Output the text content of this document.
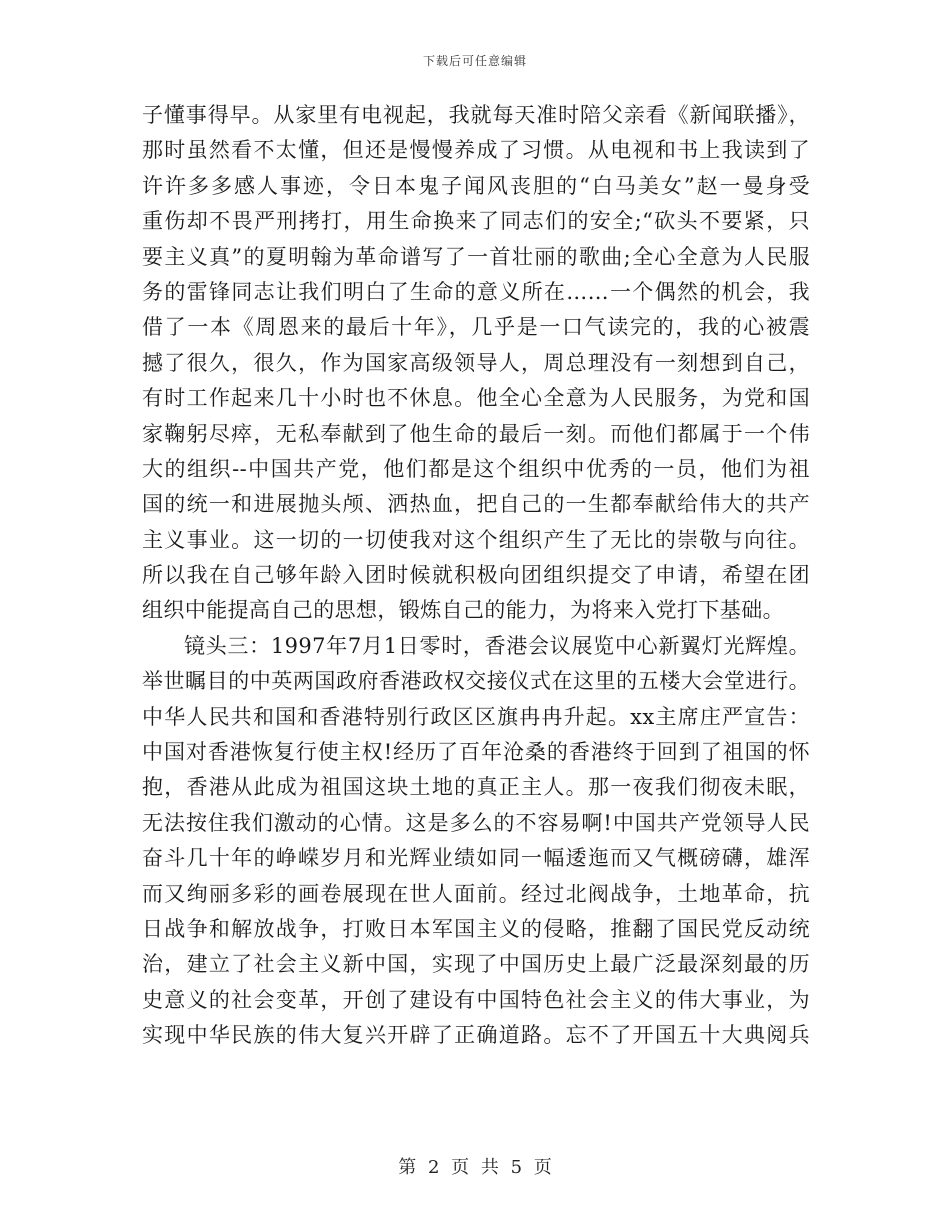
下载后可任意编辑
子懂事得早。从家里有电视起，我就每天准时陪父亲看《新闻联播》，
那时虽然看不太懂，但还是慢慢养成了习惯。从电视和书上我读到了
许许多多感人事迹，令日本鬼子闻风丧胆的“白马美女”赵一曼身受
重伤却不畏严刑拷打，用生命换来了同志们的安全;“砍头不要紧，只
要主义真”的夏明翰为革命谱写了一首壮丽的歌曲;全心全意为人民服
务的雷锋同志让我们明白了生命的意义所在……一个偶然的机会，我
借了一本《周恩来的最后十年》，几乎是一口气读完的，我的心被震
撼了很久，很久，作为国家高级领导人，周总理没有一刻想到自己，
有时工作起来几十小时也不休息。他全心全意为人民服务，为党和国
家鞠躬尽瘁，无私奉献到了他生命的最后一刻。而他们都属于一个伟
大的组织--中国共产党，他们都是这个组织中优秀的一员，他们为祖
国的统一和进展抛头颅、洒热血，把自己的一生都奉献给伟大的共产
主义事业。这一切的一切使我对这个组织产生了无比的崇敬与向往。
所以我在自己够年龄入团时候就积极向团组织提交了申请，希望在团
组织中能提高自己的思想，锻炼自己的能力，为将来入党打下基础。
镜头三：1997年7月1日零时，香港会议展览中心新翼灯光辉煌。
举世瞩目的中英两国政府香港政权交接仪式在这里的五楼大会堂进行。
中华人民共和国和香港特别行政区区旗冉冉升起。xx主席庄严宣告：
中国对香港恢复行使主权!经历了百年沧桑的香港终于回到了祖国的怀
抱，香港从此成为祖国这块土地的真正主人。那一夜我们彻夜未眠，
无法按住我们激动的心情。这是多么的不容易啊!中国共产党领导人民
奋斗几十年的峥嵘岁月和光辉业绩如同一幅逶迤而又气概磅礴，雄浑
而又绚丽多彩的画卷展现在世人面前。经过北阀战争，土地革命，抗
日战争和解放战争，打败日本军国主义的侵略，推翻了国民党反动统
治，建立了社会主义新中国，实现了中国历史上最广泛最深刻最的历
史意义的社会变革，开创了建设有中国特色社会主义的伟大事业，为
实现中华民族的伟大复兴开辟了正确道路。忘不了开国五十大典阅兵
第 2 页 共 5 页
